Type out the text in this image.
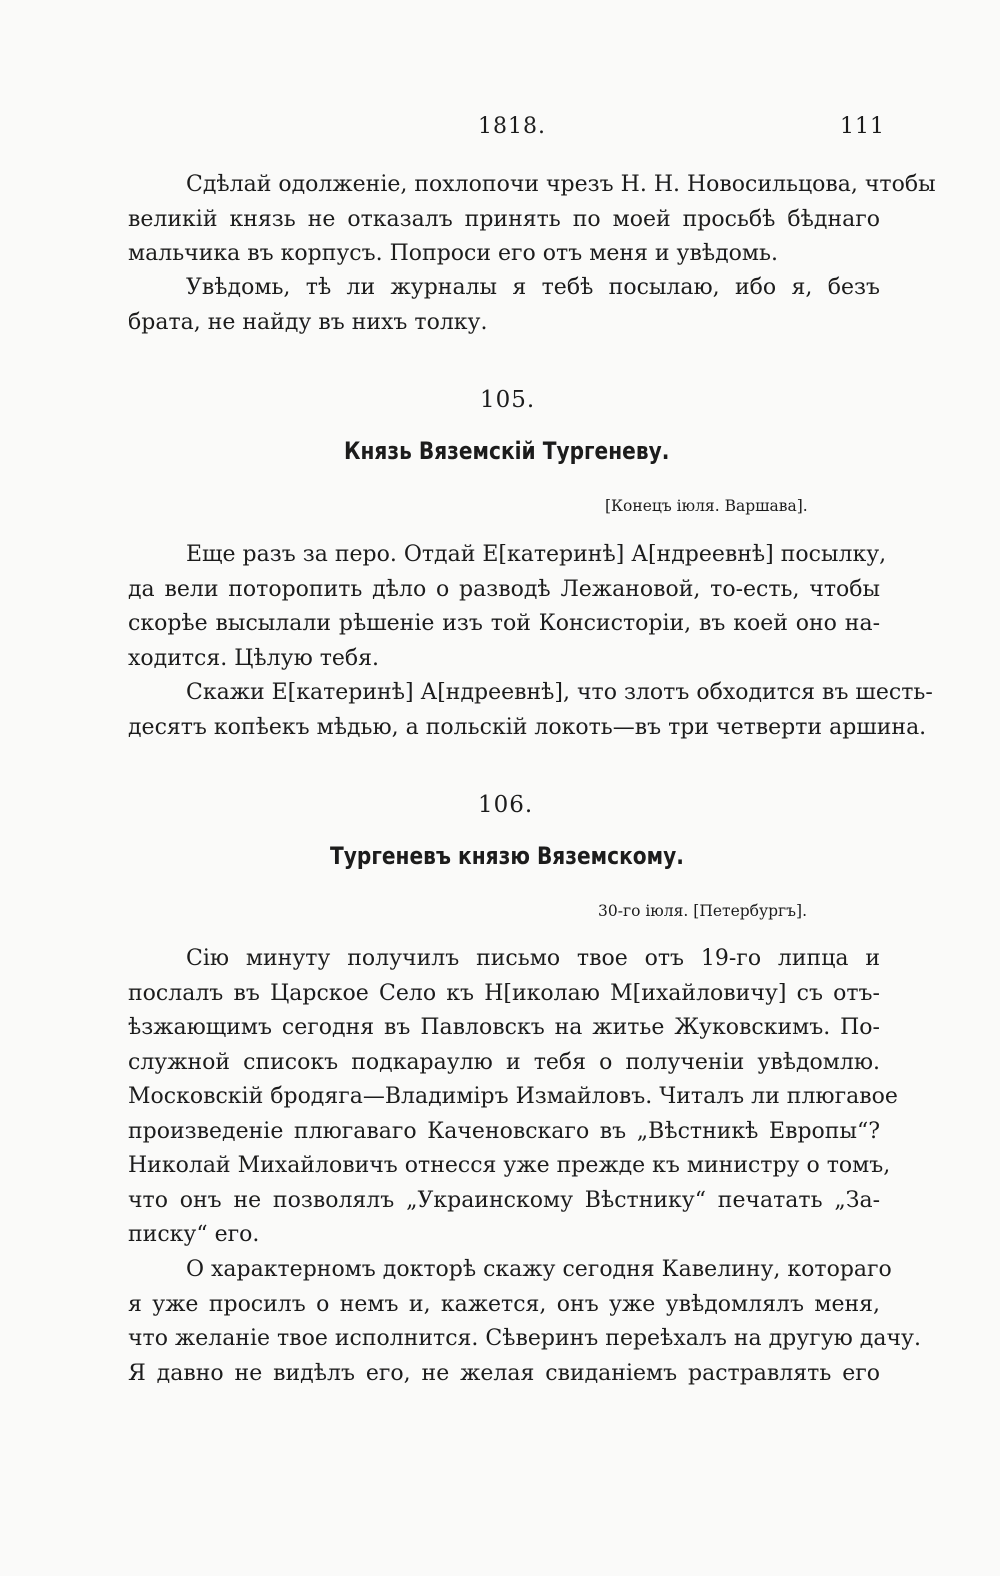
1818.	111
Сдѣлай одолженіе, похлопочи чрезъ Н. Н. Новосильцова, чтобы
великій князь не отказалъ принять по моей просьбѣ бѣднаго
мальчика въ корпусъ. Попроси его отъ меня и увѣдомь.
Увѣдомь, тѣ ли журналы я тебѣ посылаю, ибо я, безъ
брата, не найду въ нихъ толку.
105.
Князь Вяземскій Тургеневу.
[Конецъ іюля. Варшава].
Еще разъ за перо. Отдай Е[катеринѣ] А[ндреевнѣ] посылку,
да вели поторопить дѣло о разводѣ Лежановой, то-есть, чтобы
скорѣе высылали рѣшеніе изъ той Консисторіи, въ коей оно на-
ходится. Цѣлую тебя.
Скажи Е[катеринѣ] А[ндреевнѣ], что злотъ обходится въ шесть-
десятъ копѣекъ мѣдью, а польскій локоть—въ три четверти аршина.
106.
Тургеневъ князю Вяземскому.
30-го іюля. [Петербургъ].
Сію минуту получилъ письмо твое отъ 19-го липца и
послалъ въ Царское Село къ Н[иколаю М[ихайловичу] съ отъ-
ѣзжающимъ сегодня въ Павловскъ на житье Жуковскимъ. По-
служной списокъ подкараулю и тебя о полученіи увѣдомлю.
Московскій бродяга—Владиміръ Измайловъ. Читалъ ли плюгавое
произведеніе плюгаваго Каченовскаго въ „Вѣстникѣ Европы“?
Николай Михайловичъ отнесся уже прежде къ министру о томъ,
что онъ не позволялъ „Украинскому Вѣстнику“ печатать „За-
писку“ его.
О характерномъ докторѣ скажу сегодня Кавелину, котораго
я уже просилъ о немъ и, кажется, онъ уже увѣдомлялъ меня,
что желаніе твое исполнится. Сѣверинъ переѣхалъ на другую дачу.
Я давно не видѣлъ его, не желая свиданіемъ растравлять его
